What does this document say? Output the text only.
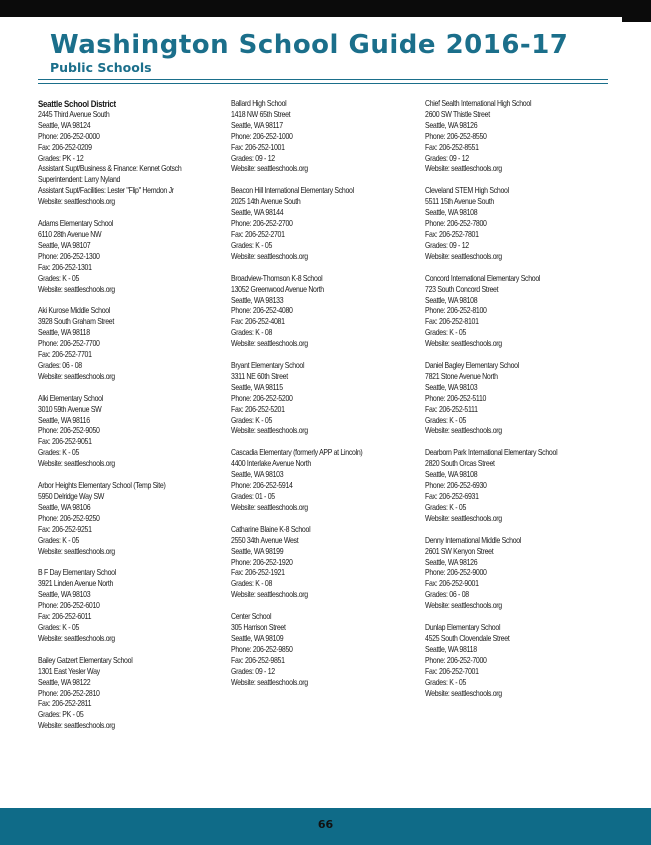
Washington School Guide 2016-17
Public Schools
Seattle School District
2445 Third Avenue South
Seattle, WA 98124
Phone: 206-252-0000
Fax: 206-252-0209
Grades: PK - 12
Assistant Supt/Business & Finance: Kennet Gotsch
Superintendent: Larry Nyland
Assistant Supt/Facilities: Lester "Flip" Herndon Jr
Website: seattleschools.org
Adams Elementary School
6110 28th Avenue NW
Seattle, WA 98107
Phone: 206-252-1300
Fax: 206-252-1301
Grades: K - 05
Website: seattleschools.org
Aki Kurose Middle School
3928 South Graham Street
Seattle, WA 98118
Phone: 206-252-7700
Fax: 206-252-7701
Grades: 06 - 08
Website: seattleschools.org
Alki Elementary School
3010 59th Avenue SW
Seattle, WA 98116
Phone: 206-252-9050
Fax: 206-252-9051
Grades: K - 05
Website: seattleschools.org
Arbor Heights Elementary School (Temp Site)
5950 Delridge Way SW
Seattle, WA 98106
Phone: 206-252-9250
Fax: 206-252-9251
Grades: K - 05
Website: seattleschools.org
B F Day Elementary School
3921 Linden Avenue North
Seattle, WA 98103
Phone: 206-252-6010
Fax: 206-252-6011
Grades: K - 05
Website: seattleschools.org
Bailey Gatzert Elementary School
1301 East Yesler Way
Seattle, WA 98122
Phone: 206-252-2810
Fax: 206-252-2811
Grades: PK - 05
Website: seattleschools.org
Ballard High School
1418 NW 65th Street
Seattle, WA 98117
Phone: 206-252-1000
Fax: 206-252-1001
Grades: 09 - 12
Website: seattleschools.org
Beacon Hill International Elementary School
2025 14th Avenue South
Seattle, WA 98144
Phone: 206-252-2700
Fax: 206-252-2701
Grades: K - 05
Website: seattleschools.org
Broadview-Thomson K-8 School
13052 Greenwood Avenue North
Seattle, WA 98133
Phone: 206-252-4080
Fax: 206-252-4081
Grades: K - 08
Website: seattleschools.org
Bryant Elementary School
3311 NE 60th Street
Seattle, WA 98115
Phone: 206-252-5200
Fax: 206-252-5201
Grades: K - 05
Website: seattleschools.org
Cascadia Elementary (formerly APP at Lincoln)
4400 Interlake Avenue North
Seattle, WA 98103
Phone: 206-252-5914
Grades: 01 - 05
Website: seattleschools.org
Catharine Blaine K-8 School
2550 34th Avenue West
Seattle, WA 98199
Phone: 206-252-1920
Fax: 206-252-1921
Grades: K - 08
Website: seattleschools.org
Center School
305 Harrison Street
Seattle, WA 98109
Phone: 206-252-9850
Fax: 206-252-9851
Grades: 09 - 12
Website: seattleschools.org
Chief Sealth International High School
2600 SW Thistle Street
Seattle, WA 98126
Phone: 206-252-8550
Fax: 206-252-8551
Grades: 09 - 12
Website: seattleschools.org
Cleveland STEM High School
5511 15th Avenue South
Seattle, WA 98108
Phone: 206-252-7800
Fax: 206-252-7801
Grades: 09 - 12
Website: seattleschools.org
Concord International Elementary School
723 South Concord Street
Seattle, WA 98108
Phone: 206-252-8100
Fax: 206-252-8101
Grades: K - 05
Website: seattleschools.org
Daniel Bagley Elementary School
7821 Stone Avenue North
Seattle, WA 98103
Phone: 206-252-5110
Fax: 206-252-5111
Grades: K - 05
Website: seattleschools.org
Dearborn Park International Elementary School
2820 South Orcas Street
Seattle, WA 98108
Phone: 206-252-6930
Fax: 206-252-6931
Grades: K - 05
Website: seattleschools.org
Denny International Middle School
2601 SW Kenyon Street
Seattle, WA 98126
Phone: 206-252-9000
Fax: 206-252-9001
Grades: 06 - 08
Website: seattleschools.org
Dunlap Elementary School
4525 South Clovendale Street
Seattle, WA 98118
Phone: 206-252-7000
Fax: 206-252-7001
Grades: K - 05
Website: seattleschools.org
66
